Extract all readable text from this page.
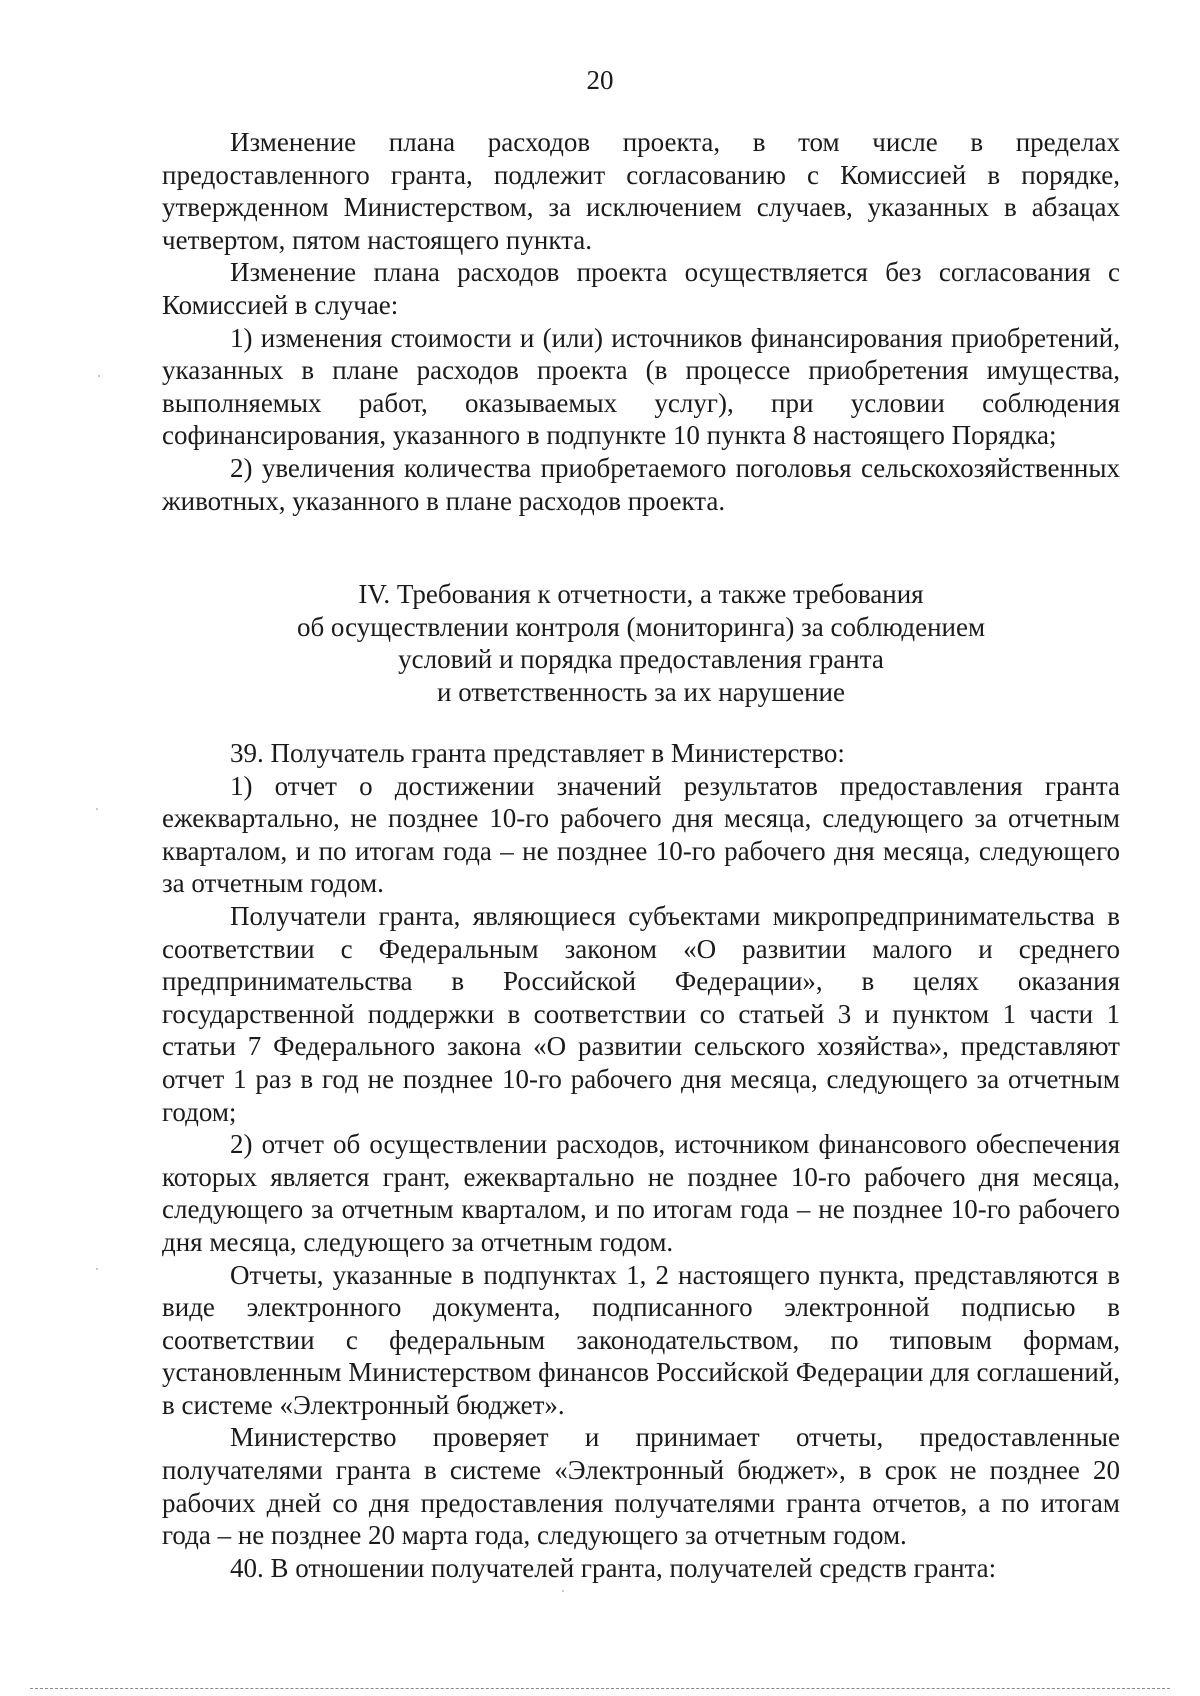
20

Изменение плана расходов проекта, в том числе в пределах предоставленного гранта, подлежит согласованию с Комиссией в порядке, утвержденном Министерством, за исключением случаев, указанных в абзацах четвертом, пятом настоящего пункта.

Изменение плана расходов проекта осуществляется без согласования с Комиссией в случае:

1) изменения стоимости и (или) источников финансирования приобретений, указанных в плане расходов проекта (в процессе приобретения имущества, выполняемых работ, оказываемых услуг), при условии соблюдения софинансирования, указанного в подпункте 10 пункта 8 настоящего Порядка;

2) увеличения количества приобретаемого поголовья сельскохозяйственных животных, указанного в плане расходов проекта.

IV. Требования к отчетности, а также требования
об осуществлении контроля (мониторинга) за соблюдением
условий и порядка предоставления гранта
и ответственность за их нарушение

39. Получатель гранта представляет в Министерство:

1) отчет о достижении значений результатов предоставления гранта ежеквартально, не позднее 10-го рабочего дня месяца, следующего за отчетным кварталом, и по итогам года – не позднее 10-го рабочего дня месяца, следующего за отчетным годом.

Получатели гранта, являющиеся субъектами микропредпринимательства в соответствии с Федеральным законом «О развитии малого и среднего предпринимательства в Российской Федерации», в целях оказания государственной поддержки в соответствии со статьей 3 и пунктом 1 части 1 статьи 7 Федерального закона «О развитии сельского хозяйства», представляют отчет 1 раз в год не позднее 10-го рабочего дня месяца, следующего за отчетным годом;

2) отчет об осуществлении расходов, источником финансового обеспечения которых является грант, ежеквартально не позднее 10-го рабочего дня месяца, следующего за отчетным кварталом, и по итогам года – не позднее 10-го рабочего дня месяца, следующего за отчетным годом.

Отчеты, указанные в подпунктах 1, 2 настоящего пункта, представляются в виде электронного документа, подписанного электронной подписью в соответствии с федеральным законодательством, по типовым формам, установленным Министерством финансов Российской Федерации для соглашений, в системе «Электронный бюджет».

Министерство проверяет и принимает отчеты, предоставленные получателями гранта в системе «Электронный бюджет», в срок не позднее 20 рабочих дней со дня предоставления получателями гранта отчетов, а по итогам года – не позднее 20 марта года, следующего за отчетным годом.

40. В отношении получателей гранта, получателей средств гранта:
